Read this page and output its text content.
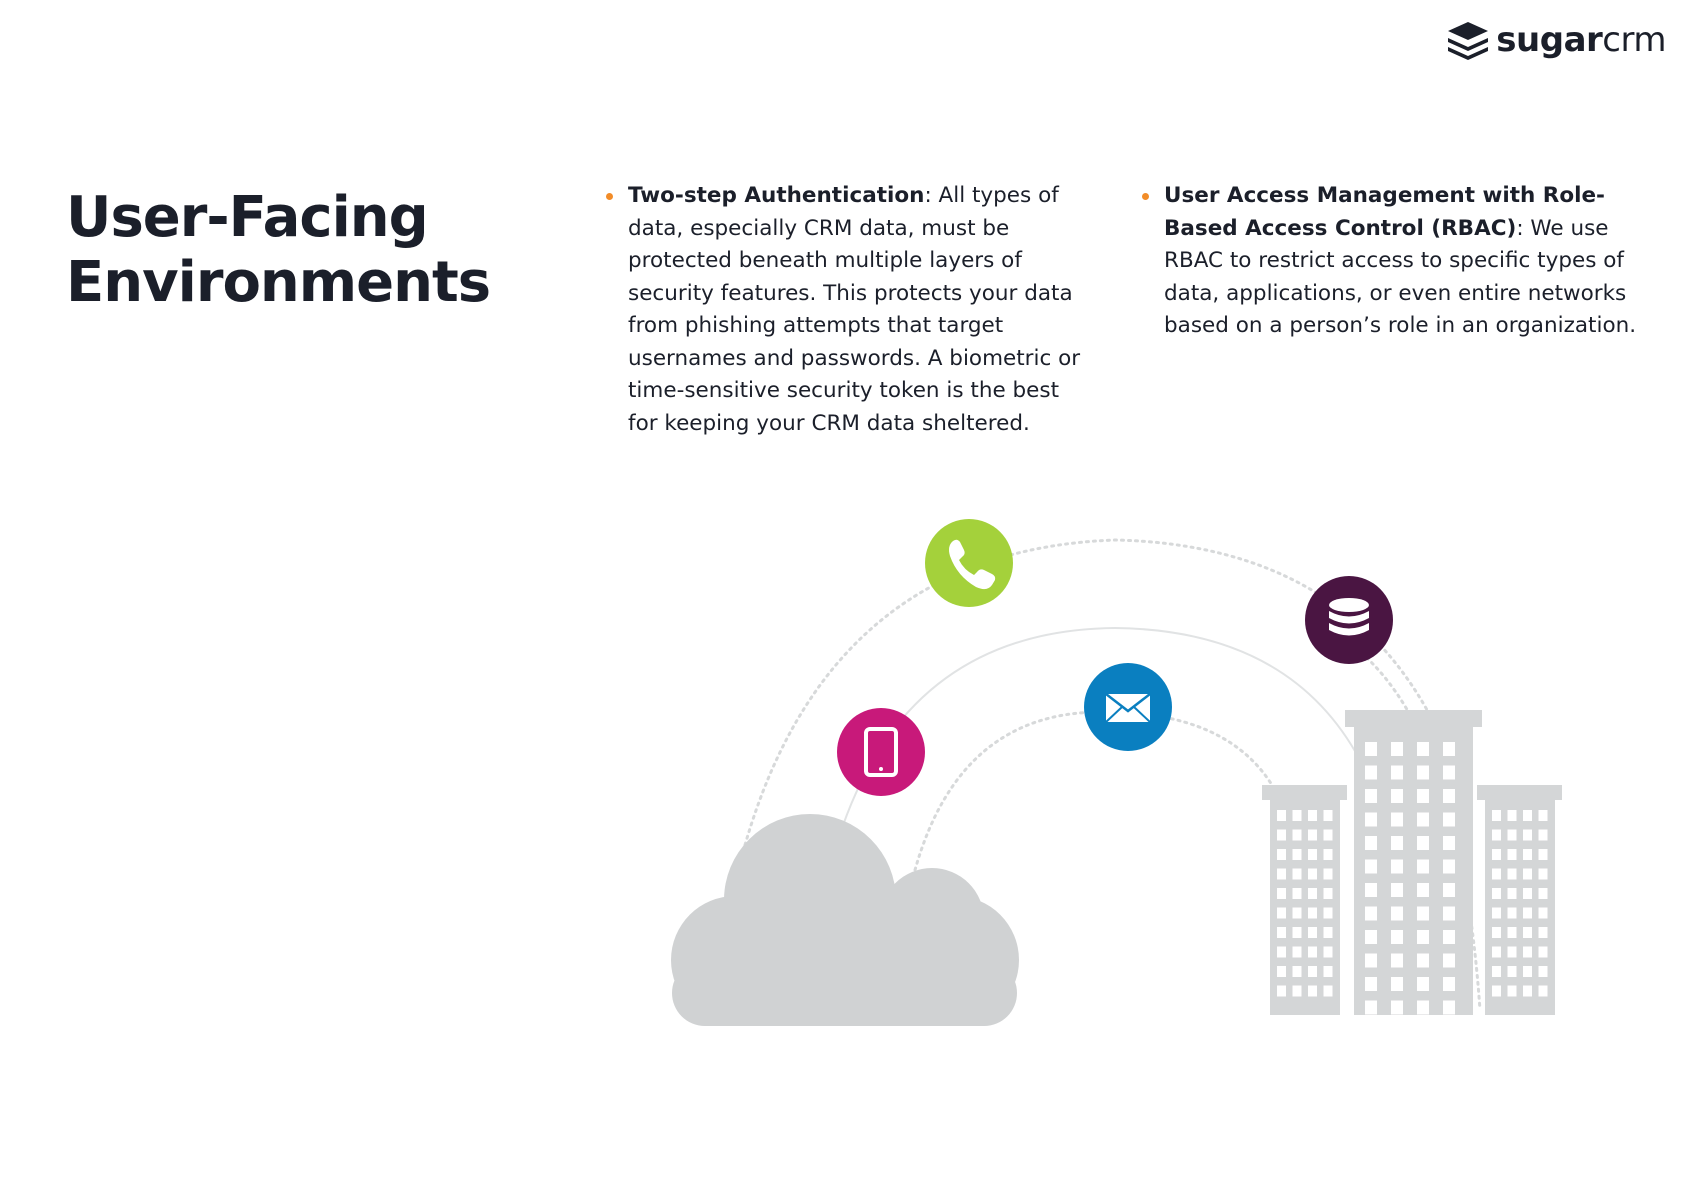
sugarcrm
User-Facing
Environments
Two-step Authentication: All types of data, especially CRM data, must be protected beneath multiple layers of security features. This protects your data from phishing attempts that target usernames and passwords. A biometric or time-sensitive security token is the best for keeping your CRM data sheltered.
User Access Management with Role-Based Access Control (RBAC): We use RBAC to restrict access to specific types of data, applications, or even entire networks based on a person’s role in an organization.
